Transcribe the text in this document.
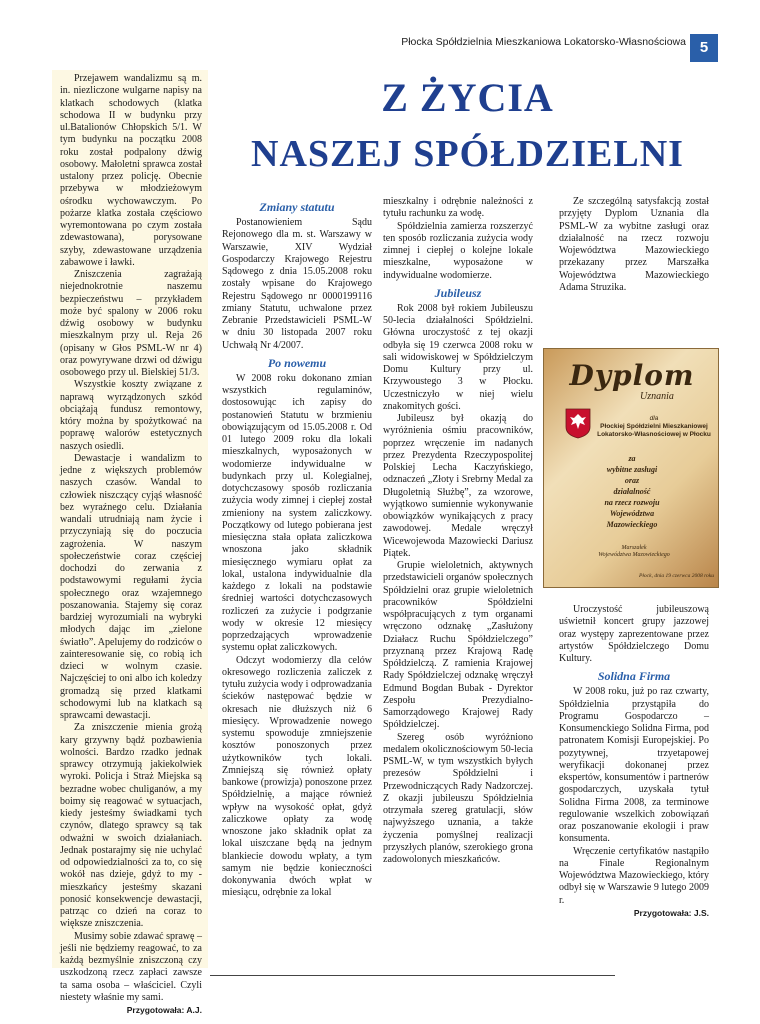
Płocka Spółdzielnia Mieszkaniowa Lokatorsko-Własnościowa 5

Przejawem wandalizmu są m. in. niezliczone wulgarne napisy na klatkach schodowych (klatka schodowa II w budynku przy ul.Batalionów Chłopskich 5/1. W tym budynku na początku 2008 roku został podpalony dźwig osobowy. Małoletni sprawca został ustalony przez policję. Obecnie przebywa w młodzieżowym ośrodku wychowawczym. Po pożarze klatka została częściowo wyremontowana po czym została zdewastowana), porysowane szyby, zdewastowane urządzenia zabawowe i ławki.

Zniszczenia zagrażają niejednokrotnie naszemu bezpieczeństwu – przykładem może być spalony w 2006 roku dźwig osobowy w budynku mieszkalnym przy ul. Reja 26 (opisany w Głos PSML-W nr 4) oraz powyrywane drzwi od dźwigu osobowego przy ul. Bielskiej 51/3.

Wszystkie koszty związane z naprawą wyrządzonych szkód obciążają fundusz remontowy, który można by spożytkować na poprawę walorów estetycznych naszych osiedli.

Dewastacje i wandalizm to jedne z większych problemów naszych czasów. Wandal to człowiek niszczący cyjąś własność bez wyraźnego celu. Działania wandali utrudniają nam życie i przyczyniają się do poczucia zagrożenia. W naszym społeczeństwie coraz częściej dochodzi do zerwania z podstawowymi regułami życia społecznego oraz wzajemnego poszanowania. Stajemy się coraz bardziej wyrozumiali na wybryki młodych dając im „zielone światło”. Apelujemy do rodziców o zainteresowanie się, co robią ich dzieci w wolnym czasie. Najczęściej to oni albo ich koledzy gromadzą się przed klatkami schodowymi lub na klatkach są sprawcami dewastacji.

Za zniszczenie mienia grożą kary grzywny bądź pozbawienia wolności. Bardzo rzadko jednak sprawcy otrzymują jakiekolwiek wyroki. Policja i Straż Miejska są bezradne wobec chuliganów, a my boimy się reagować w sytuacjach, kiedy jesteśmy świadkami tych czynów, dlatego sprawcy są tak odważni w swoich działaniach. Jednak postarajmy się nie uchylać od odpowiedzialności za to, co się wokół nas dzieje, gdyż to my - mieszkańcy jesteśmy skazani ponosić konsekwencje dewastacji, patrząc co dzień na coraz to większe zniszczenia.

Musimy sobie zdawać sprawę – jeśli nie będziemy reagować, to za każdą bezmyślnie zniszczoną czy uszkodzoną rzecz zapłaci zawsze ta sama osoba – właściciel. Czyli niestety właśnie my sami.

Przygotowała: A.J.

Z ŻYCIA
NASZEJ SPÓŁDZIELNI
Zmiany statutu

Postanowieniem Sądu Rejonowego dla m. st. Warszawy w Warszawie, XIV Wydział Gospodarczy Krajowego Rejestru Sądowego z dnia 15.05.2008 roku zostały wpisane do Krajowego Rejestru Sądowego nr 0000199116 zmiany Statutu, uchwalone przez Zebranie Przedstawicieli PSML-W w dniu 30 listopada 2007 roku Uchwałą Nr 4/2007.

Po nowemu

W 2008 roku dokonano zmian wszystkich regulaminów, dostosowując ich zapisy do postanowień Statutu w brzmieniu obowiązującym od 15.05.2008 r. Od 01 lutego 2009 roku dla lokali mieszkalnych, wyposażonych w wodomierze indywidualne w budynkach przy ul. Kolegialnej, dotychczasowy sposób rozliczania zużycia wody zimnej i ciepłej został zmieniony na system zaliczkowy. Początkowy od lutego pobierana jest miesięczna stała opłata zaliczkowa wnoszona jako składnik miesięcznego wymiaru opłat za lokal, ustalona indywidualnie dla każdego z lokali na podstawie średniej wartości dotychczasowych rozliczeń za zużycie i podgrzanie wody w okresie 12 miesięcy poprzedzających wprowadzenie systemu opłat zaliczkowych.

Odczyt wodomierzy dla celów okresowego rozliczenia zaliczek z tytułu zużycia wody i odprowadzania ścieków następować będzie w okresach nie dłuższych niż 6 miesięcy. Wprowadzenie nowego systemu spowoduje zmniejszenie kosztów ponoszonych przez użytkowników tych lokali. Zmniejszą się również opłaty bankowe (prowizja) ponoszone przez Spółdzielnię, a mające również wpływ na wysokość opłat, gdyż zaliczkowe opłaty za wodę wnoszone jako składnik opłat za lokal uiszczane będą na jednym blankiecie dowodu wpłaty, a tym samym nie będzie konieczności dokonywania dwóch wpłat w miesiącu, odrębnie za lokal

mieszkalny i odrębnie należności z tytułu rachunku za wodę.

Spółdzielnia zamierza rozszerzyć ten sposób rozliczania zużycia wody zimnej i ciepłej o kolejne lokale mieszkalne, wyposażone w indywidualne wodomierze.

Jubileusz

Rok 2008 był rokiem Jubileuszu 50-lecia działalności Spółdzielni. Główna uroczystość z tej okazji odbyła się 19 czerwca 2008 roku w sali widowiskowej w Spółdzielczym Domu Kultury przy ul. Krzywoustego 3 w Płocku. Uczestniczyło w niej wielu znakomitych gości.

Jubileusz był okazją do wyróżnienia ośmiu pracowników, poprzez wręczenie im nadanych przez Prezydenta Rzeczypospolitej Polskiej Lecha Kaczyńskiego, odznaczeń „Złoty i Srebrny Medal za Długoletnią Służbę”, za wzorowe, wyjątkowo sumiennie wykonywanie obowiązków wynikających z pracy zawodowej. Medale wręczył Wicewojewoda Mazowiecki Dariusz Piątek.

Grupie wieloletnich, aktywnych przedstawicieli organów społecznych Spółdzielni oraz grupie wieloletnich pracowników Spółdzielni współpracujących z tym organami wręczono odznakę „Zasłużony Działacz Ruchu Spółdzielczego” przyznaną przez Krajową Radę Spółdzielczą. Z ramienia Krajowej Rady Spółdzielczej odznakę wręczył Edmund Bogdan Bubak - Dyrektor Zespołu Prezydialno-Samorządowego Krajowej Rady Spółdzielczej.

Szereg osób wyróżniono medalem okolicznościowym 50-lecia PSML-W, w tym wszystkich byłych prezesów Spółdzielni i Przewodniczących Rady Nadzorczej. Z okazji jubileuszu Spółdzielnia otrzymała szereg gratulacji, słów najwyższego uznania, a także życzenia pomyślnej realizacji przyszłych planów, szerokiego grona zadowolonych mieszkańców.

Ze szczególną satysfakcją został przyjęty Dyplom Uznania dla PSML-W za wybitne zasługi oraz działalność na rzecz rozwoju Województwa Mazowieckiego przekazany przez Marszałka Województwa Mazowieckiego Adama Struzika.

Dyplom
Uznania
dla
Płockiej Spółdzielni Mieszkaniowej Lokatorsko-Własnościowej w Płocku
za
wybitne zasługi
oraz
działalność
na rzecz rozwoju
Województwa
Mazowieckiego
Marszałek
Województwa Mazowieckiego
Płock, dnia 19 czerwca 2008 roku

Uroczystość jubileuszową uświetnił koncert grupy jazzowej oraz występy zaprezentowane przez artystów Spółdzielczego Domu Kultury.

Solidna Firma

W 2008 roku, już po raz czwarty, Spółdzielnia przystąpiła do Programu Gospodarczo – Konsumenckiego Solidna Firma, pod patronatem Komisji Europejskiej. Po pozytywnej, trzyetapowej weryfikacji dokonanej przez ekspertów, konsumentów i partnerów gospodarczych, uzyskała tytuł Solidna Firma 2008, za terminowe regulowanie wszelkich zobowiązań oraz poszanowanie ekologii i praw konsumenta.

Wręczenie certyfikatów nastąpiło na Finale Regionalnym Województwa Mazowieckiego, który odbył się w Warszawie 9 lutego 2009 r.

Przygotowała: J.S.
